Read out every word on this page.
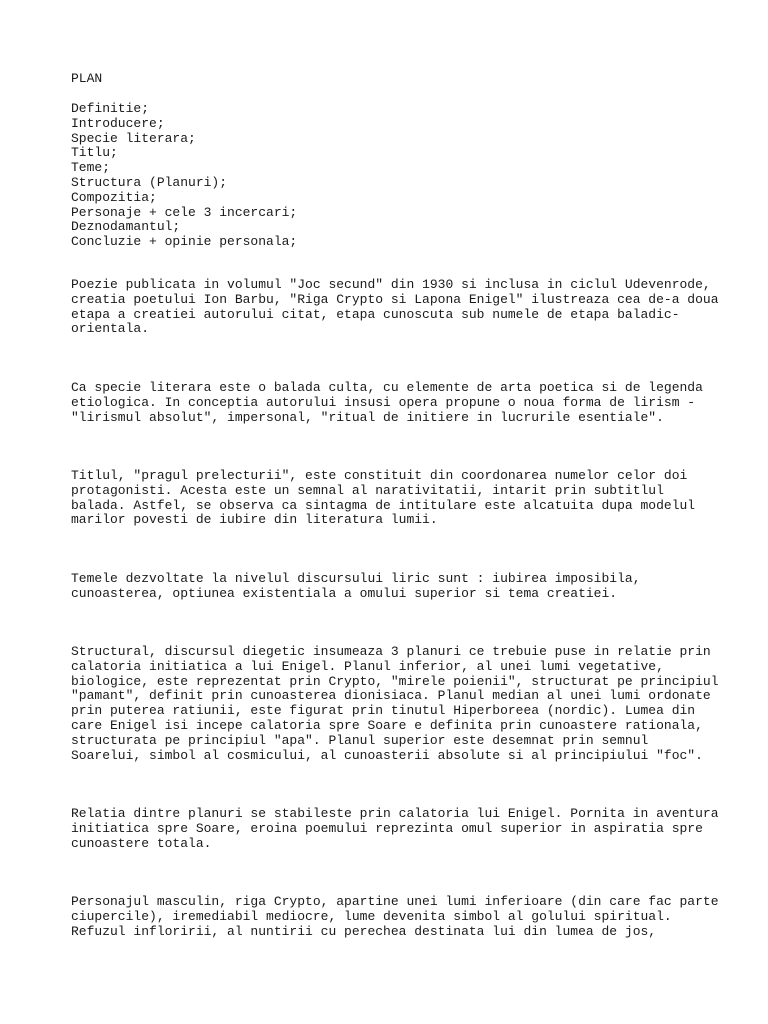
PLAN
Definitie;
Introducere;
Specie literara;
Titlu;
Teme;
Structura (Planuri);
Compozitia;
Personaje + cele 3 incercari;
Deznodamantul;
Concluzie + opinie personala;
Poezie publicata in volumul "Joc secund" din 1930 si inclusa in ciclul Udevenrode,
creatia poetului Ion Barbu, "Riga Crypto si Lapona Enigel" ilustreaza cea de-a doua
etapa a creatiei autorului citat, etapa cunoscuta sub numele de etapa baladic-
orientala.
Ca specie literara este o balada culta, cu elemente de arta poetica si de legenda
etiologica. In conceptia autorului insusi opera propune o noua forma de lirism -
"lirismul absolut", impersonal, "ritual de initiere in lucrurile esentiale".
Titlul, "pragul prelecturii", este constituit din coordonarea numelor celor doi
protagonisti. Acesta este un semnal al narativitatii, intarit prin subtitlul
balada. Astfel, se observa ca sintagma de intitulare este alcatuita dupa modelul
marilor povesti de iubire din literatura lumii.
Temele dezvoltate la nivelul discursului liric sunt : iubirea imposibila,
cunoasterea, optiunea existentiala a omului superior si tema creatiei.
Structural, discursul diegetic insumeaza 3 planuri ce trebuie puse in relatie prin
calatoria initiatica a lui Enigel. Planul inferior, al unei lumi vegetative,
biologice, este reprezentat prin Crypto, "mirele poienii", structurat pe principiul
"pamant", definit prin cunoasterea dionisiaca. Planul median al unei lumi ordonate
prin puterea ratiunii, este figurat prin tinutul Hiperboreea (nordic). Lumea din
care Enigel isi incepe calatoria spre Soare e definita prin cunoastere rationala,
structurata pe principiul "apa". Planul superior este desemnat prin semnul
Soarelui, simbol al cosmicului, al cunoasterii absolute si al principiului "foc".
Relatia dintre planuri se stabileste prin calatoria lui Enigel. Pornita in aventura
initiatica spre Soare, eroina poemului reprezinta omul superior in aspiratia spre
cunoastere totala.
Personajul masculin, riga Crypto, apartine unei lumi inferioare (din care fac parte
ciupercile), iremediabil mediocre, lume devenita simbol al golului spiritual.
Refuzul infloririi, al nuntirii cu perechea destinata lui din lumea de jos,
